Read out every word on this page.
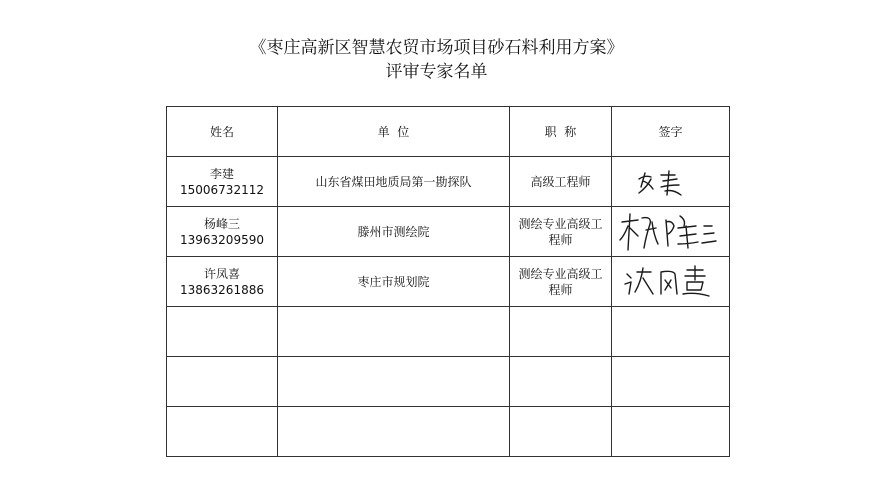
《枣庄高新区智慧农贸市场项目砂石料利用方案》
评审专家名单
姓名	单  位	职  称	签字

李建
15006732112	山东省煤田地质局第一勘探队	高级工程师	

杨峰三
13963209590	滕州市测绘院	测绘专业高级工程师

许凤喜
13863261886	枣庄市规划院	测绘专业高级工程师
